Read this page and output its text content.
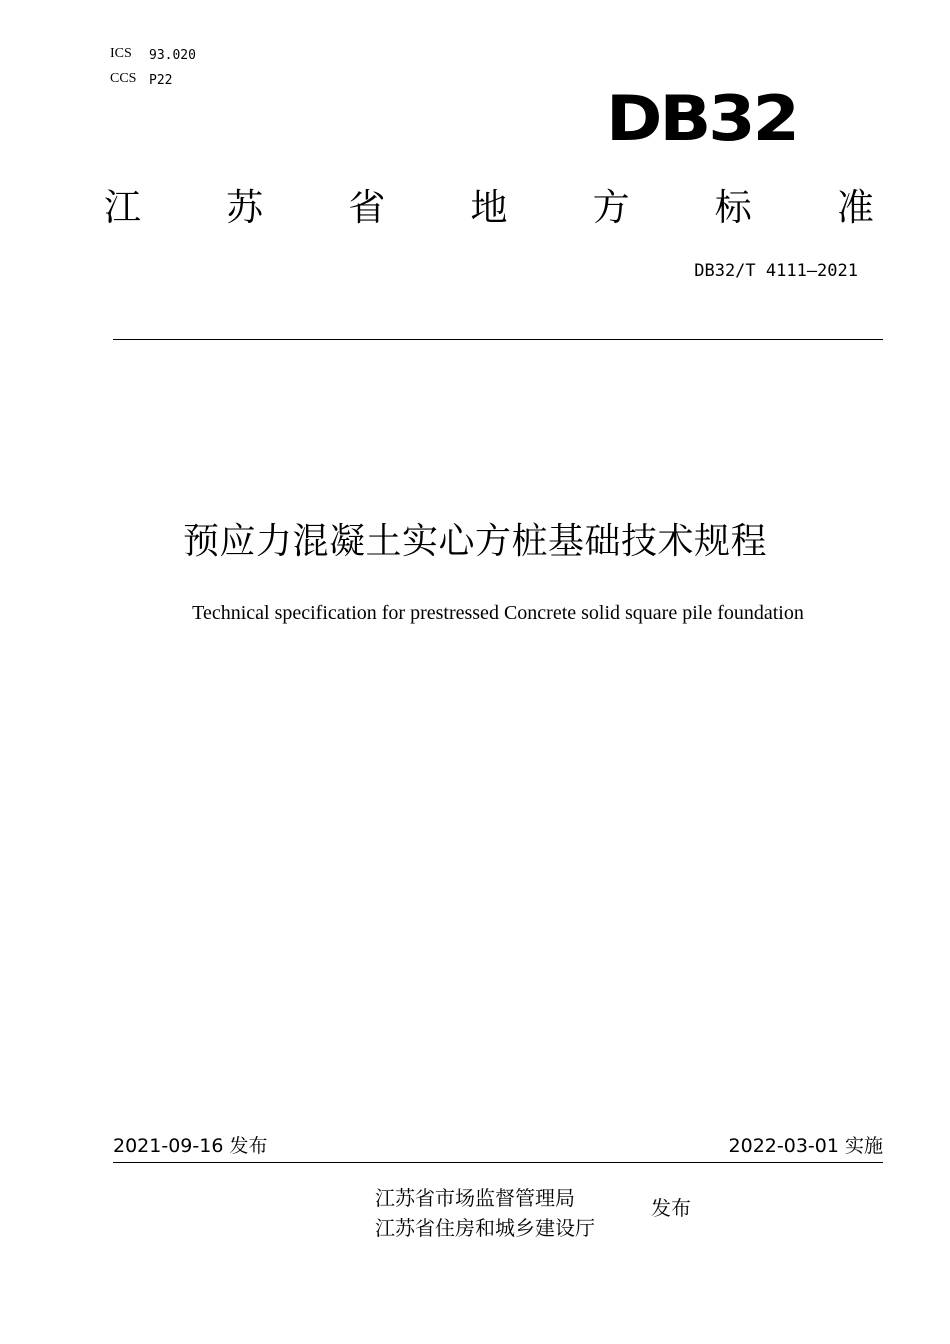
ICS 93.020
CCS P22
DB32
江 苏 省 地 方 标 准
DB32/T 4111—2021
预应力混凝土实心方桩基础技术规程
Technical specification for prestressed Concrete solid square pile foundation
2021-09-16 发布	2022-03-01 实施
江苏省市场监督管理局
江苏省住房和城乡建设厅
发布
